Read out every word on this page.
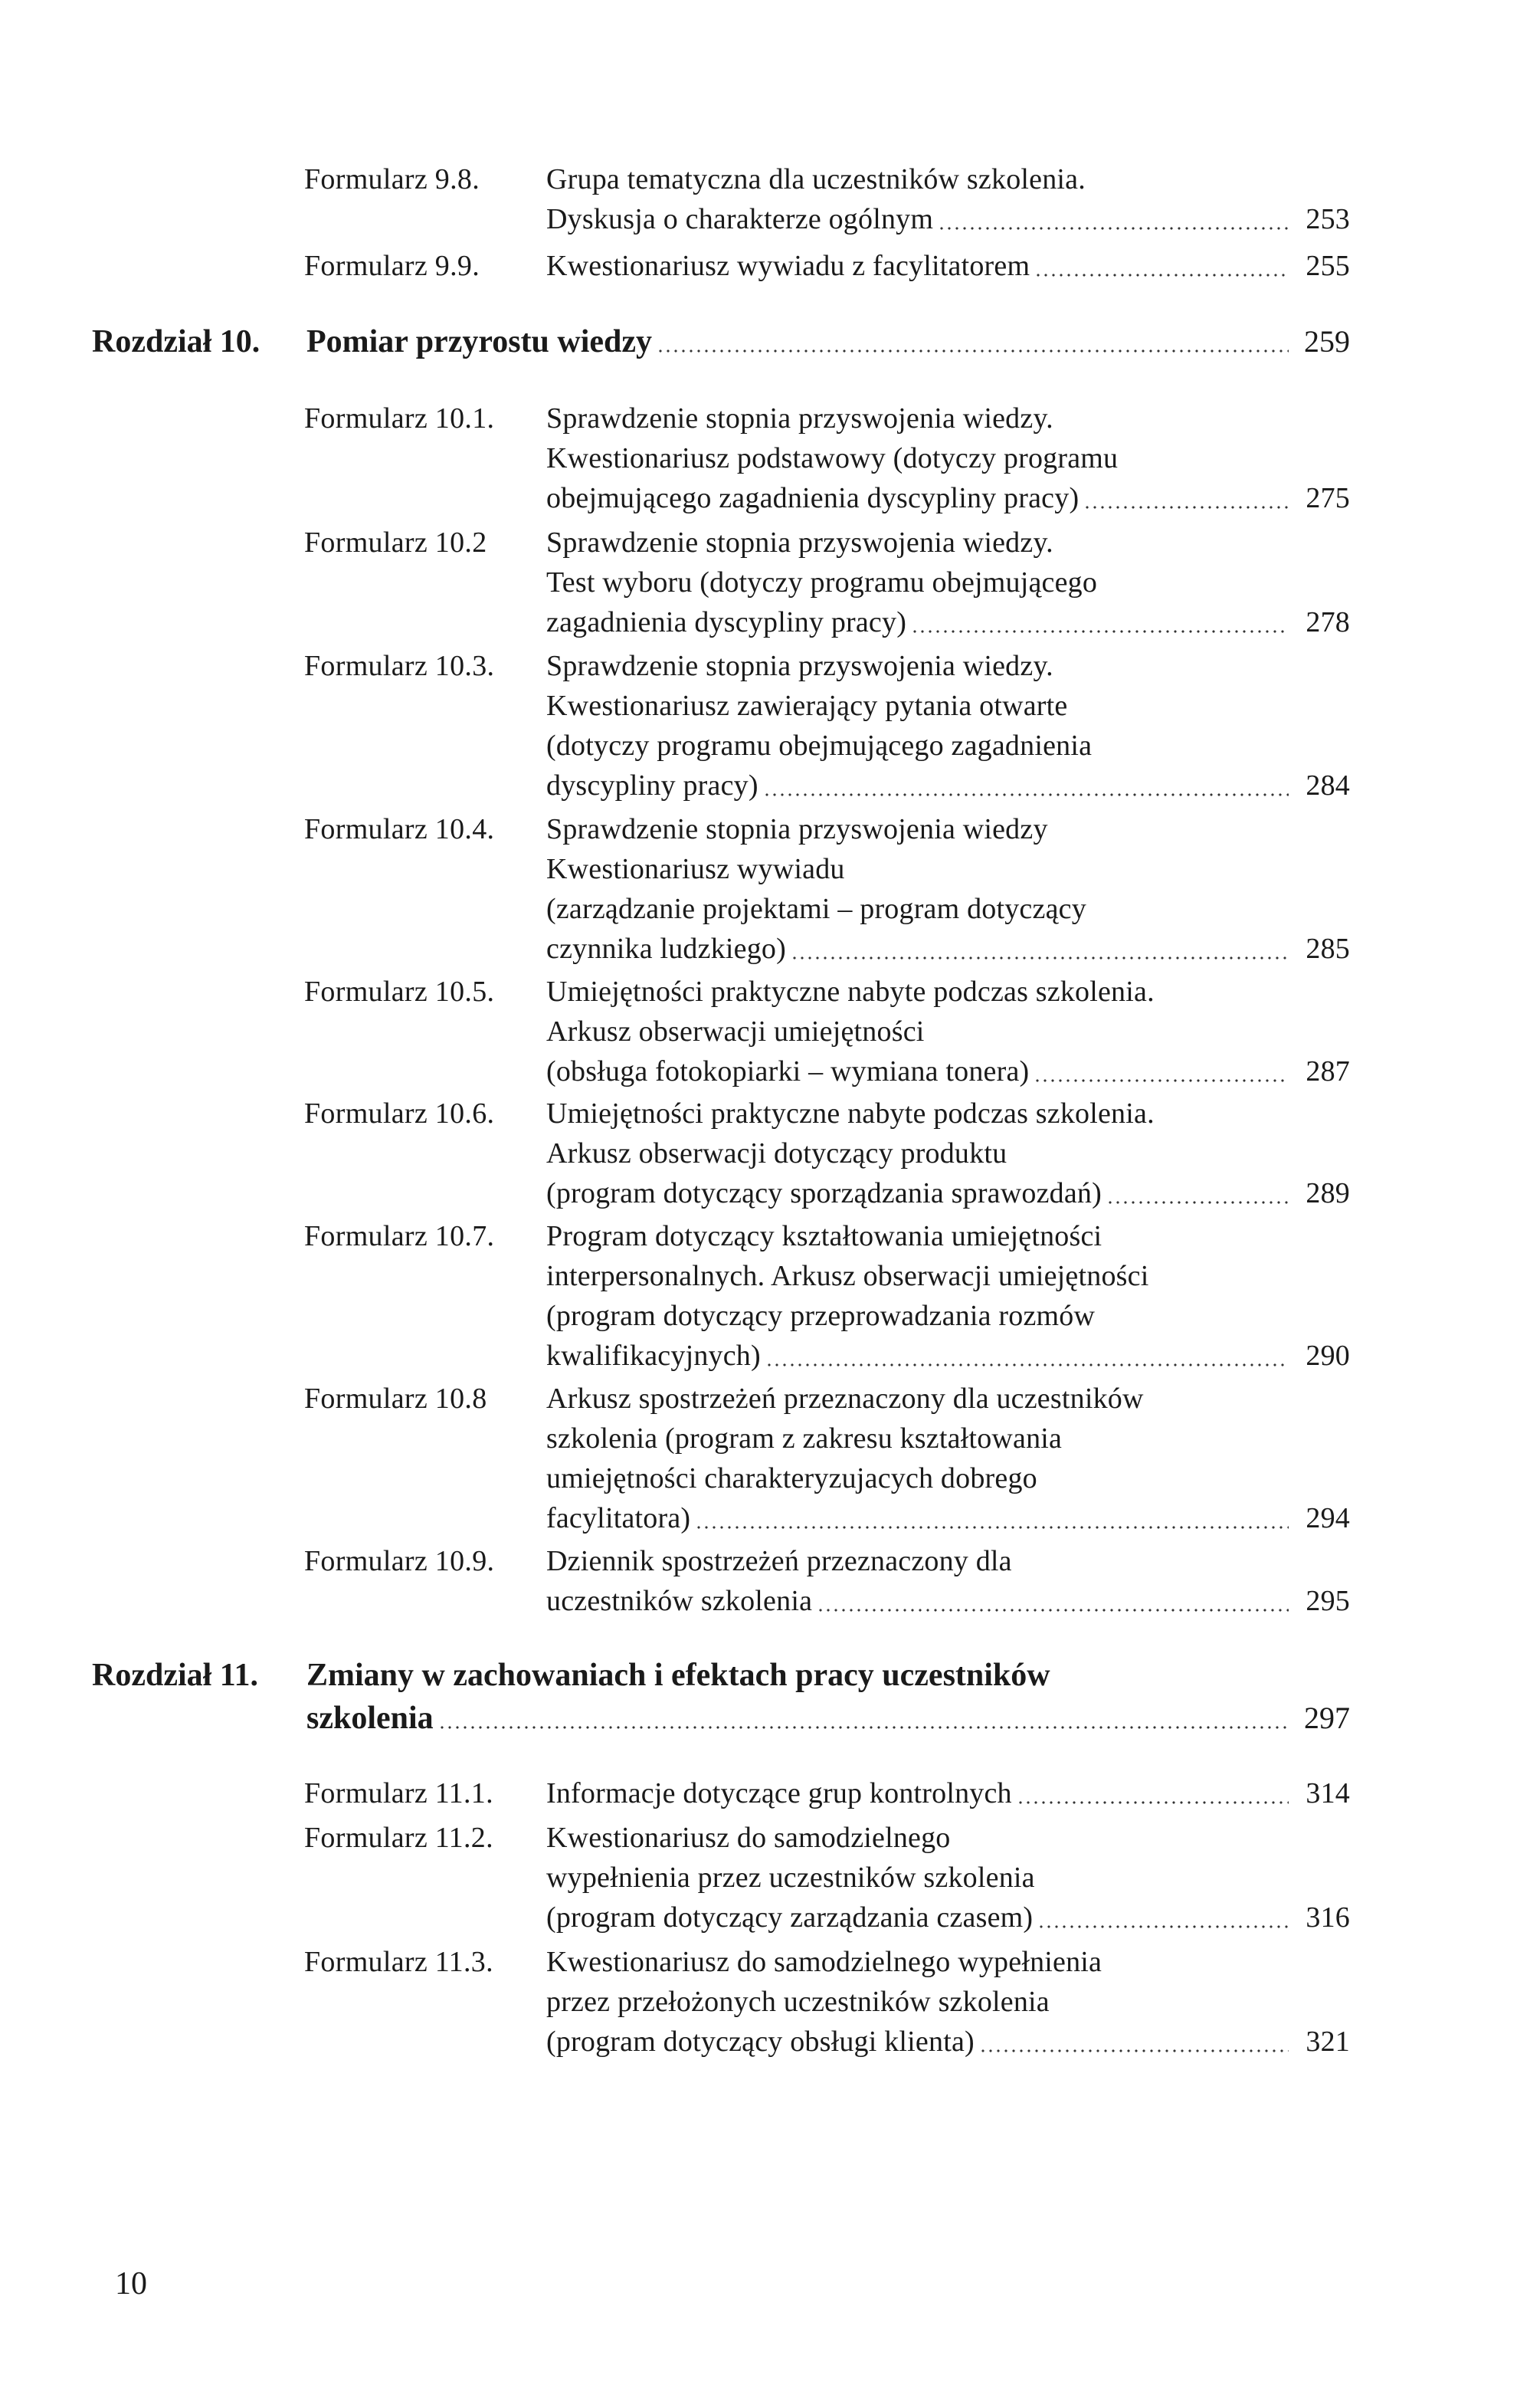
Formularz 9.8. Grupa tematyczna dla uczestników szkolenia.
Dyskusja o charakterze ogólnym	253
Formularz 9.9. Kwestionariusz wywiadu z facylitatorem	255
Rozdział 10. Pomiar przyrostu wiedzy	259
Formularz 10.1. Sprawdzenie stopnia przyswojenia wiedzy.
Kwestionariusz podstawowy (dotyczy programu
obejmującego zagadnienia dyscypliny pracy)	275
Formularz 10.2 Sprawdzenie stopnia przyswojenia wiedzy.
Test wyboru (dotyczy programu obejmującego
zagadnienia dyscypliny pracy)	278
Formularz 10.3. Sprawdzenie stopnia przyswojenia wiedzy.
Kwestionariusz zawierający pytania otwarte
(dotyczy programu obejmującego zagadnienia
dyscypliny pracy)	284
Formularz 10.4. Sprawdzenie stopnia przyswojenia wiedzy
Kwestionariusz wywiadu
(zarządzanie projektami – program dotyczący
czynnika ludzkiego)	285
Formularz 10.5. Umiejętności praktyczne nabyte podczas szkolenia.
Arkusz obserwacji umiejętności
(obsługa fotokopiarki – wymiana tonera)	287
Formularz 10.6. Umiejętności praktyczne nabyte podczas szkolenia.
Arkusz obserwacji dotyczący produktu
(program dotyczący sporządzania sprawozdań)	289
Formularz 10.7. Program dotyczący kształtowania umiejętności
interpersonalnych. Arkusz obserwacji umiejętności
(program dotyczący przeprowadzania rozmów
kwalifikacyjnych)	290
Formularz 10.8 Arkusz spostrzeżeń przeznaczony dla uczestników
szkolenia (program z zakresu kształtowania
umiejętności charakteryzujacych dobrego
facylitatora)	294
Formularz 10.9. Dziennik spostrzeżeń przeznaczony dla
uczestników szkolenia	295
Rozdział 11. Zmiany w zachowaniach i efektach pracy uczestników
szkolenia	297
Formularz 11.1. Informacje dotyczące grup kontrolnych	314
Formularz 11.2. Kwestionariusz do samodzielnego
wypełnienia przez uczestników szkolenia
(program dotyczący zarządzania czasem)	316
Formularz 11.3. Kwestionariusz do samodzielnego wypełnienia
przez przełożonych uczestników szkolenia
(program dotyczący obsługi klienta)	321
10
